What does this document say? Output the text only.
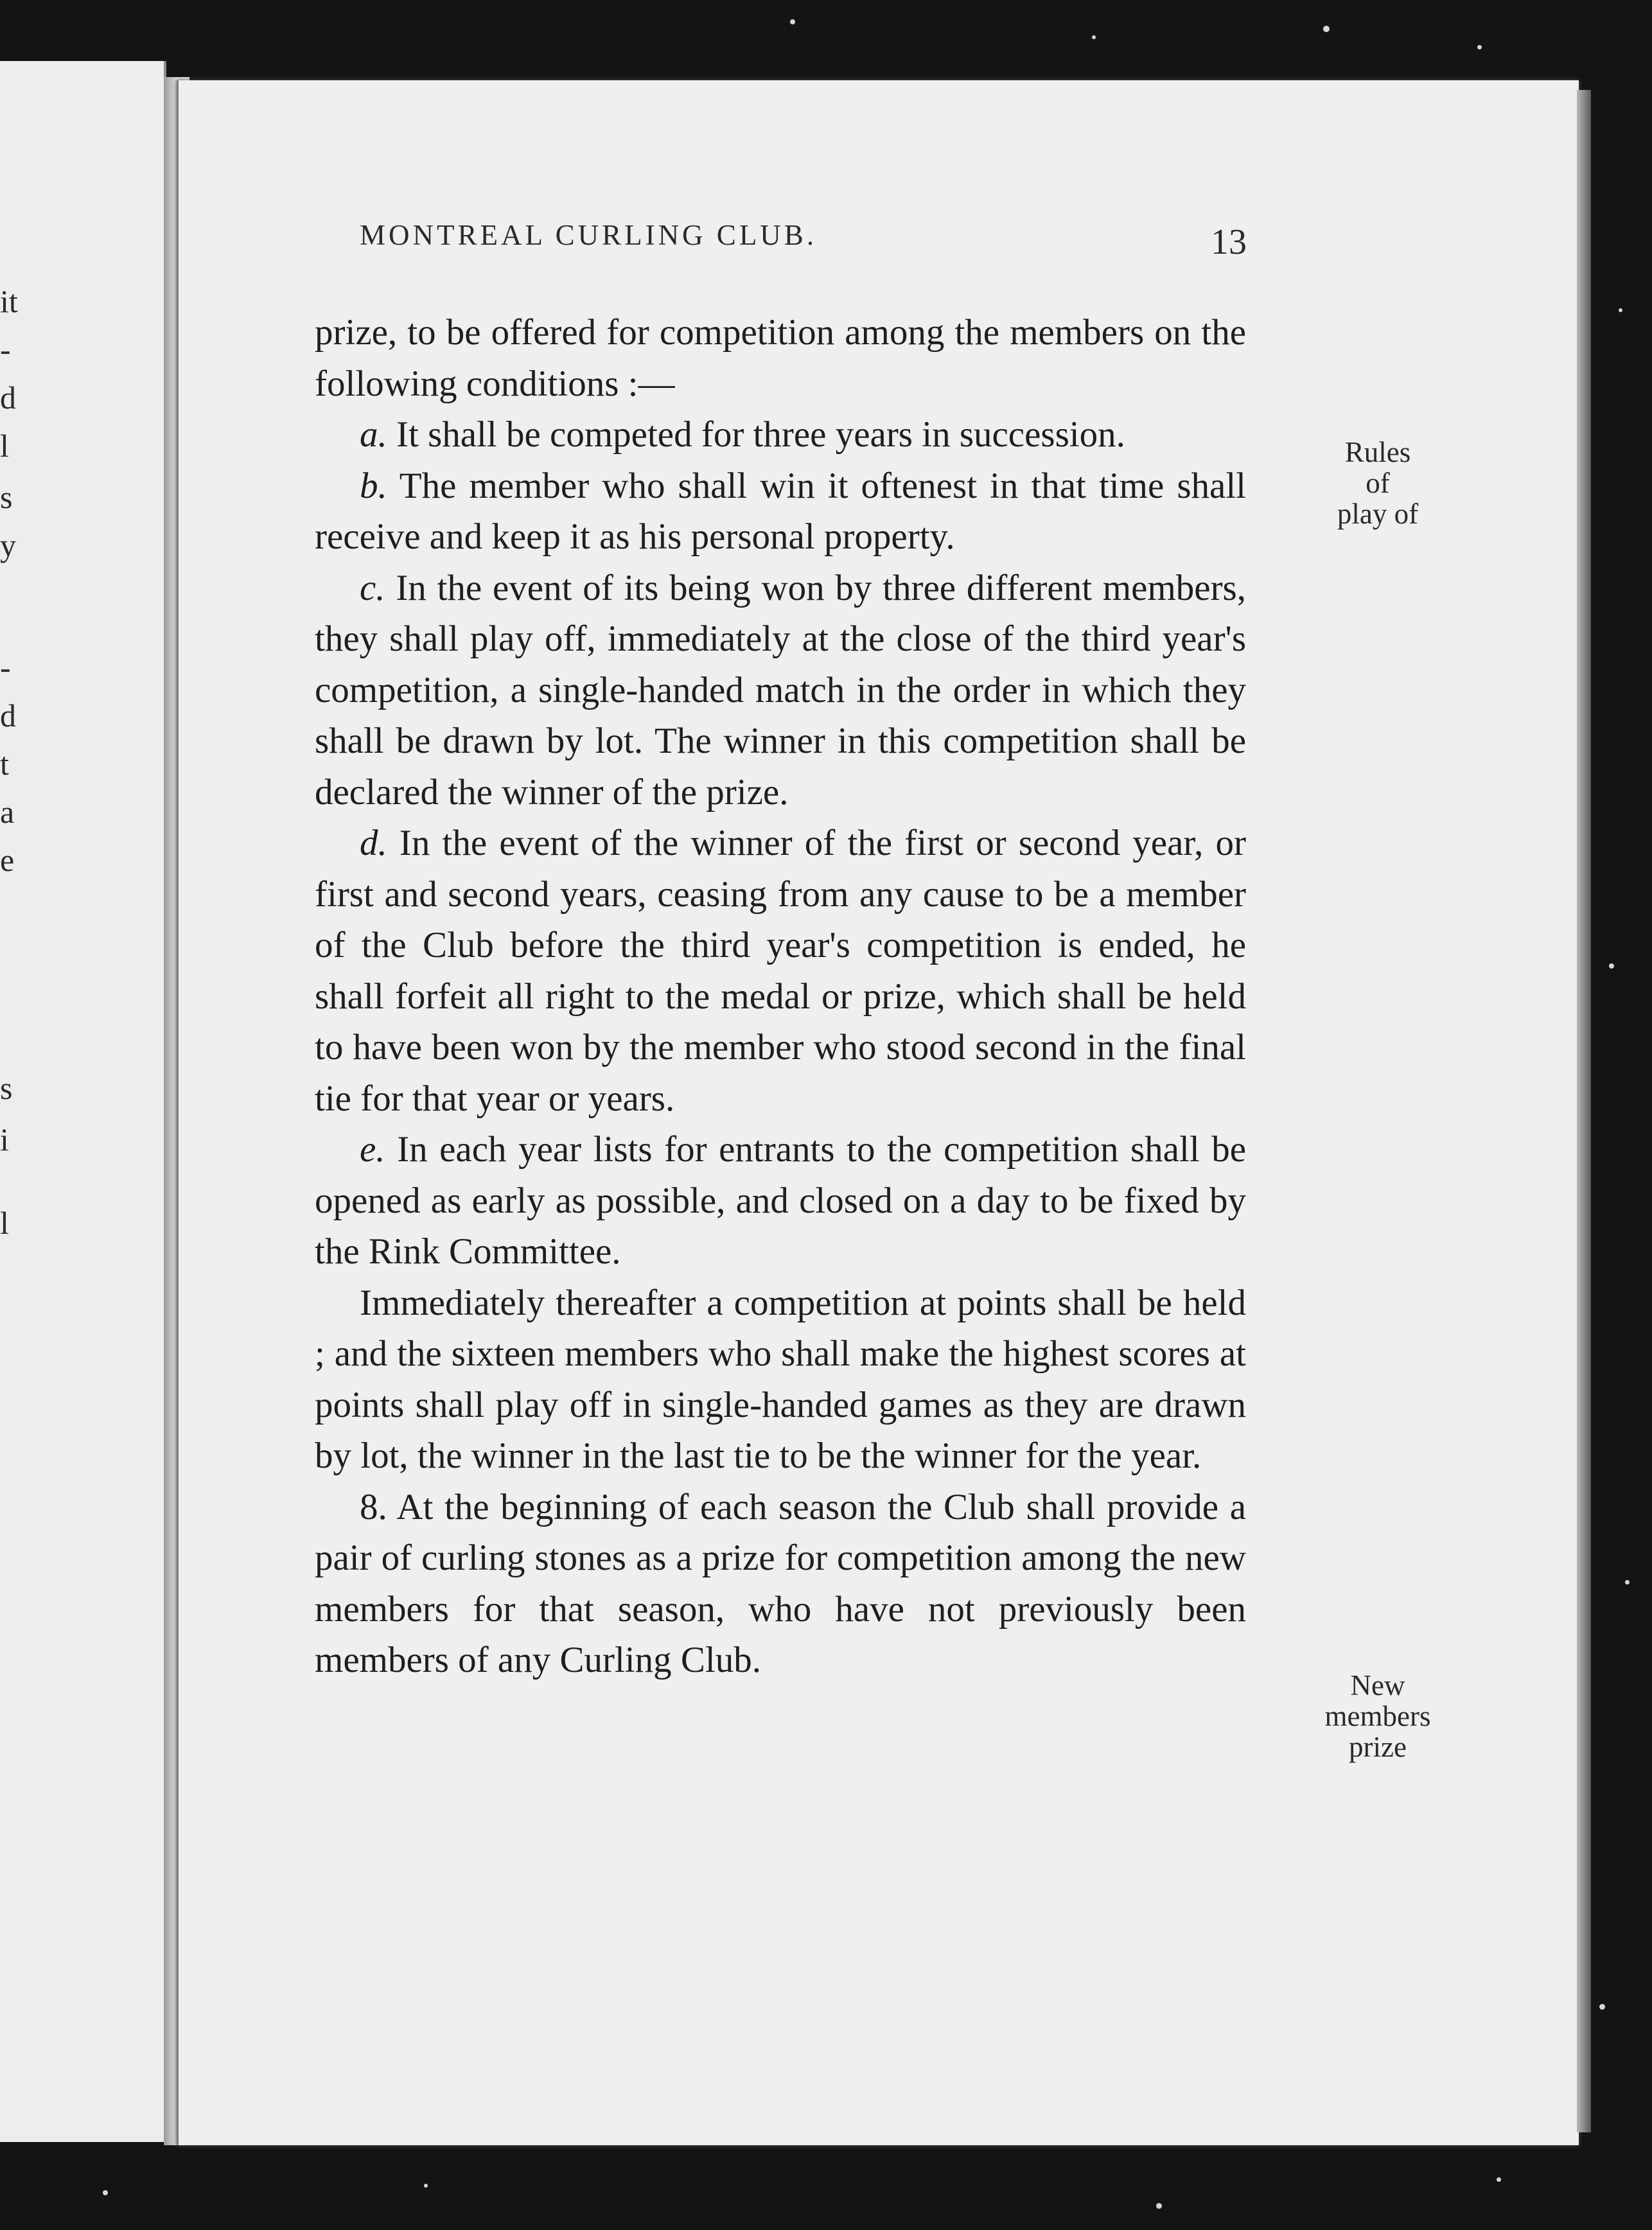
it
-
d
l
s
y
-
d
t
a
e
s
i
l
MONTREAL CURLING CLUB.	13

prize, to be offered for competition among the members on the following conditions :—

a. It shall be competed for three years in succession.

b. The member who shall win it oftenest in that time shall receive and keep it as his personal property.

c. In the event of its being won by three different members, they shall play off, immediately at the close of the third year's competition, a single-handed match in the order in which they shall be drawn by lot. The winner in this competition shall be declared the winner of the prize.

d. In the event of the winner of the first or second year, or first and second years, ceasing from any cause to be a member of the Club before the third year's competition is ended, he shall forfeit all right to the medal or prize, which shall be held to have been won by the member who stood second in the final tie for that year or years.

e. In each year lists for entrants to the competition shall be opened as early as possible, and closed on a day to be fixed by the Rink Committee.

Immediately thereafter a competition at points shall be held ; and the sixteen members who shall make the highest scores at points shall play off in single-handed games as they are drawn by lot, the winner in the last tie to be the winner for the year.

8. At the beginning of each season the Club shall provide a pair of curling stones as a prize for competition among the new members for that season, who have not previously been members of any Curling Club.

Rules
of
play of
New
members
prize
